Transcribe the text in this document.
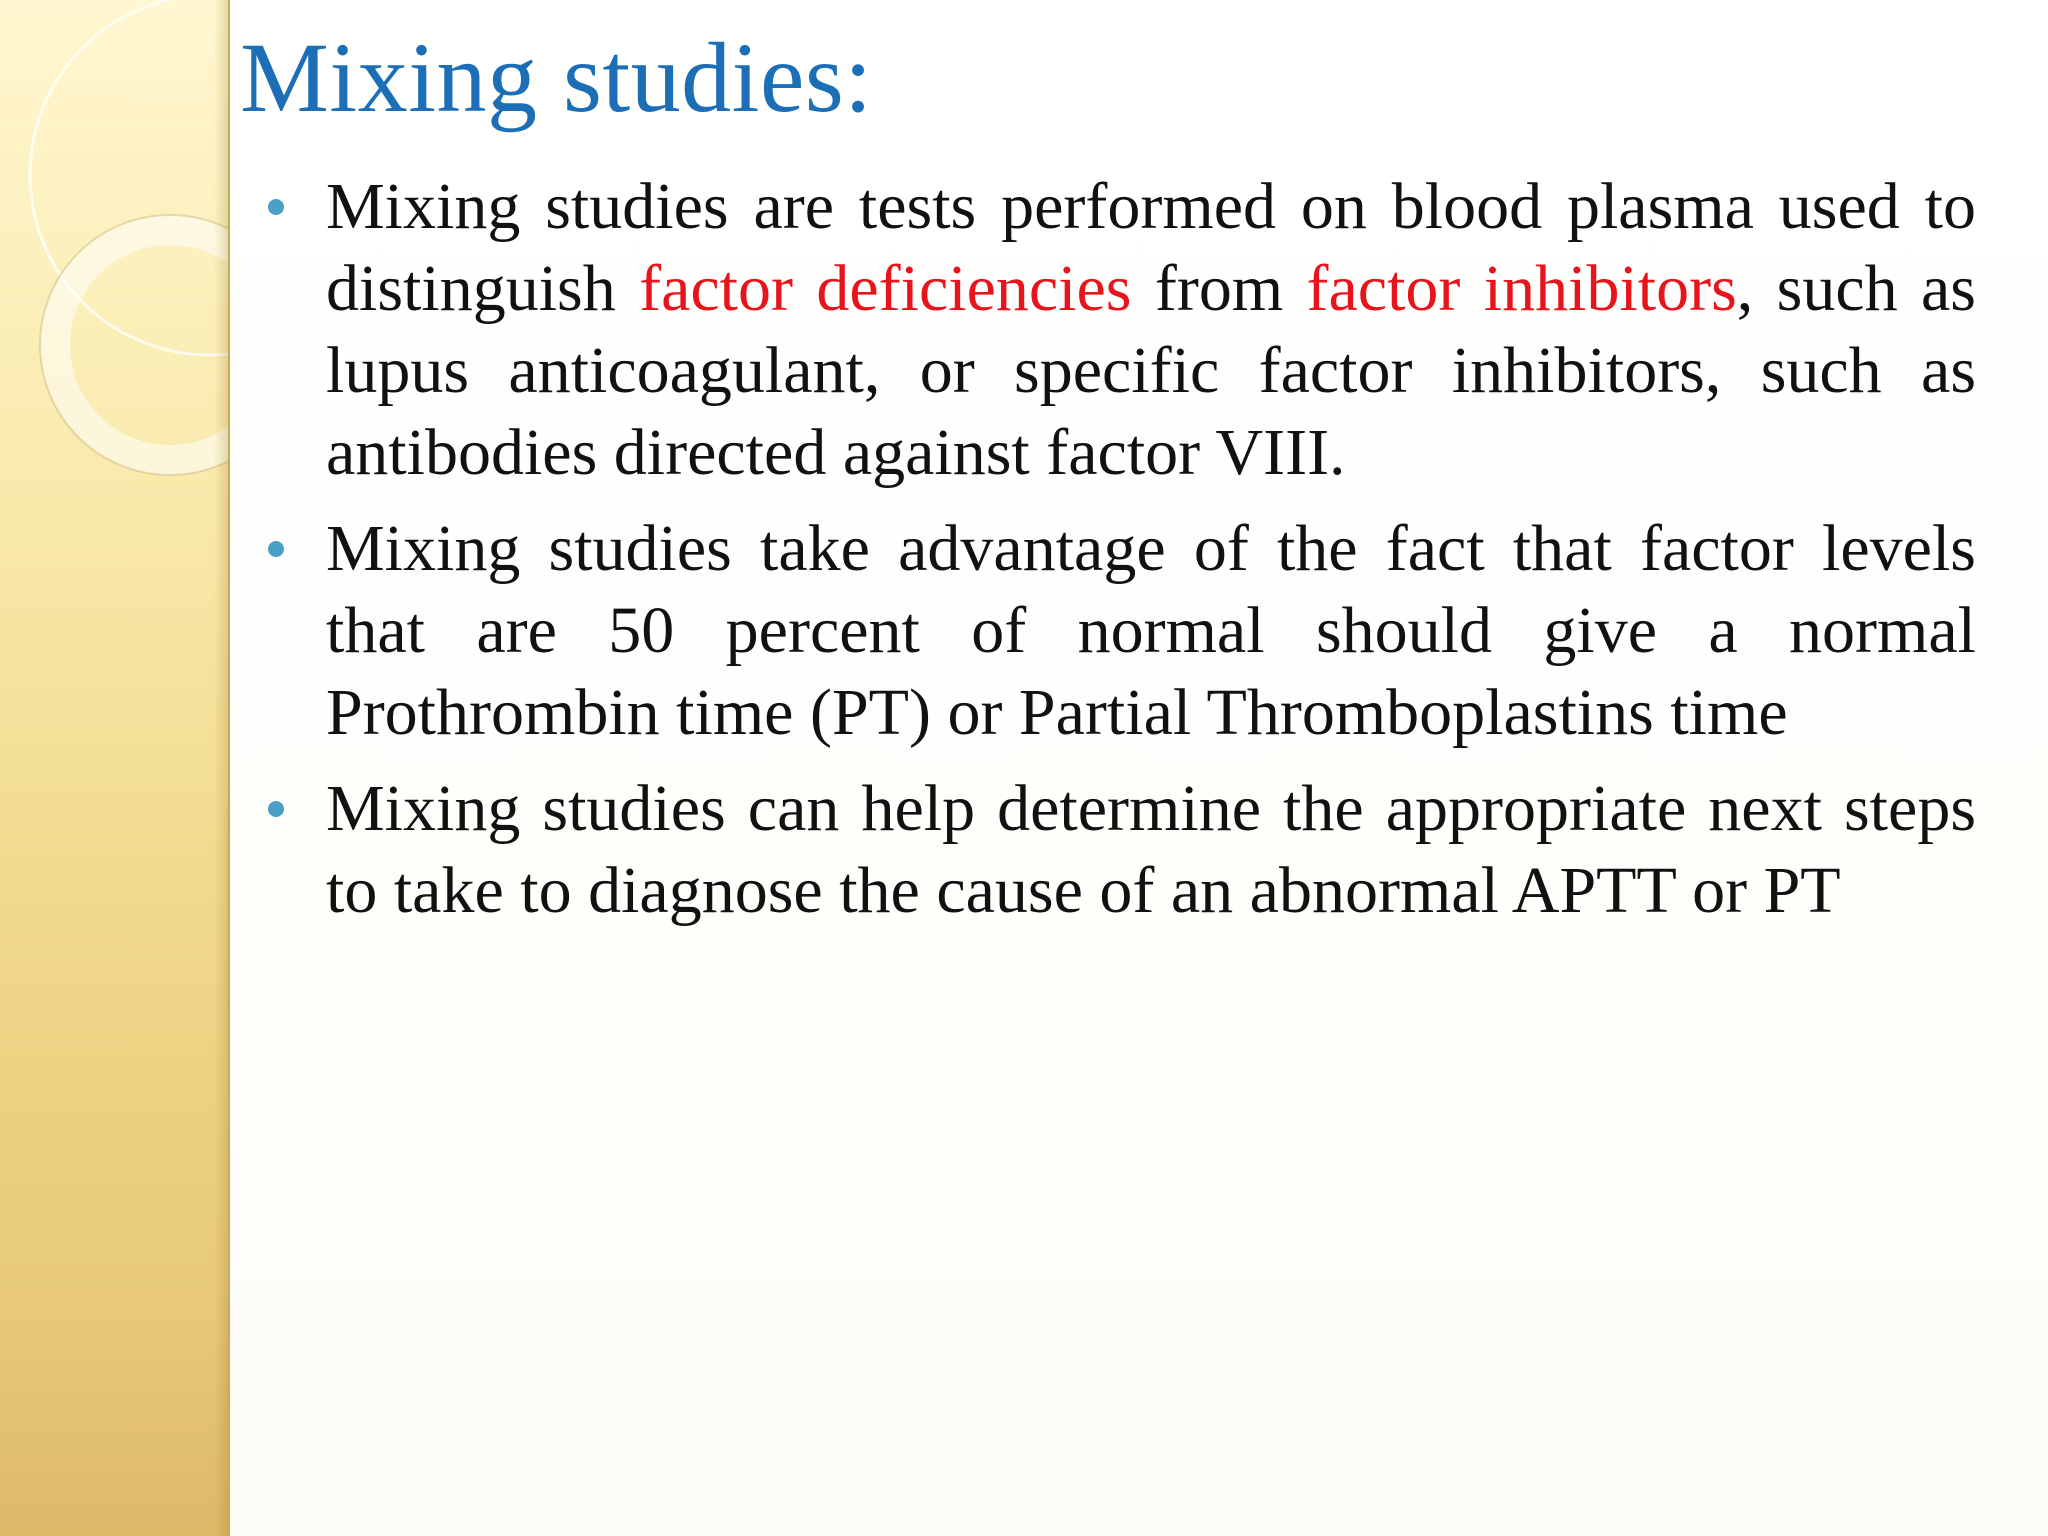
Mixing studies:
Mixing studies are tests performed on blood plasma used to distinguish factor deficiencies from factor inhibitors, such as lupus anticoagulant, or specific factor inhibitors, such as antibodies directed against factor VIII.
Mixing studies take advantage of the fact that factor levels that are 50 percent of normal should give a normal Prothrombin time (PT) or Partial Thromboplastins time
Mixing studies can help determine the appropriate next steps to take to diagnose the cause of an abnormal APTT or PT
